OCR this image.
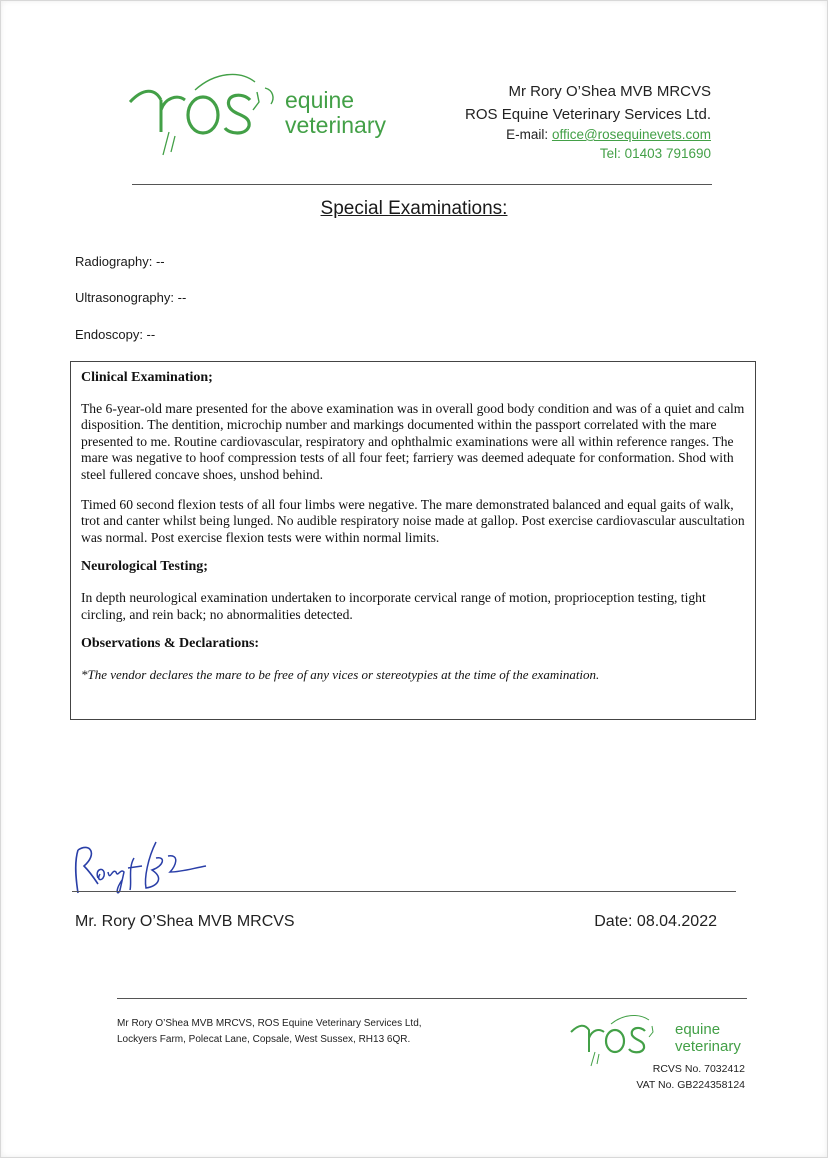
equine
veterinary
Mr Rory O’Shea MVB MRCVS
ROS Equine Veterinary Services Ltd.
E-mail: office@rosequinevets.com
Tel: 01403 791690
Special Examinations:
Radiography: --
Ultrasonography: --
Endoscopy: --
Clinical Examination;

The 6-year-old mare presented for the above examination was in overall good body condition and was of a quiet and calm disposition. The dentition, microchip number and markings documented within the passport correlated with the mare presented to me. Routine cardiovascular, respiratory and ophthalmic examinations were all within reference ranges. The mare was negative to hoof compression tests of all four feet; farriery was deemed adequate for conformation. Shod with steel fullered concave shoes, unshod behind.

Timed 60 second flexion tests of all four limbs were negative. The mare demonstrated balanced and equal gaits of walk, trot and canter whilst being lunged. No audible respiratory noise made at gallop. Post exercise cardiovascular auscultation was normal. Post exercise flexion tests were within normal limits.

Neurological Testing;

In depth neurological examination undertaken to incorporate cervical range of motion, proprioception testing, tight circling, and rein back; no abnormalities detected.

Observations & Declarations:

*The vendor declares the mare to be free of any vices or stereotypies at the time of the examination.

Mr. Rory O’Shea MVB MRCVS	Date: 08.04.2022
Mr Rory O’Shea MVB MRCVS, ROS Equine Veterinary Services Ltd,
Lockyers Farm, Polecat Lane, Copsale, West Sussex, RH13 6QR.
equine
veterinary
RCVS No. 7032412
VAT No. GB224358124
